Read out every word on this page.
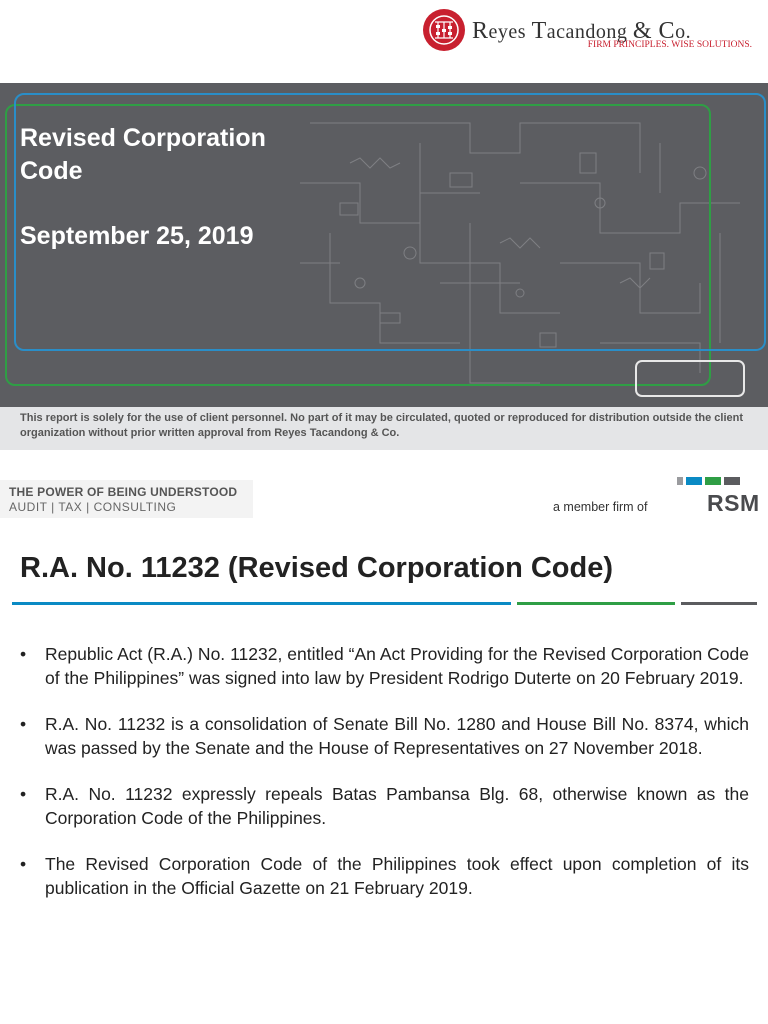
Reyes Tacandong & Co.
FIRM PRINCIPLES. WISE SOLUTIONS.
Revised Corporation Code
September 25, 2019
This report is solely for the use of client personnel. No part of it may be circulated, quoted or reproduced for distribution outside the client organization without prior written approval from Reyes Tacandong & Co.
THE POWER OF BEING UNDERSTOOD
AUDIT | TAX | CONSULTING	a member firm of	RSM
R.A. No. 11232 (Revised Corporation Code)
• Republic Act (R.A.) No. 11232, entitled “An Act Providing for the Revised Corporation Code of the Philippines” was signed into law by President Rodrigo Duterte on 20 February 2019.
• R.A. No. 11232 is a consolidation of Senate Bill No. 1280 and House Bill No. 8374, which was passed by the Senate and the House of Representatives on 27 November 2018.
• R.A. No. 11232 expressly repeals Batas Pambansa Blg. 68, otherwise known as the Corporation Code of the Philippines.
• The Revised Corporation Code of the Philippines took effect upon completion of its publication in the Official Gazette on 21 February 2019.
